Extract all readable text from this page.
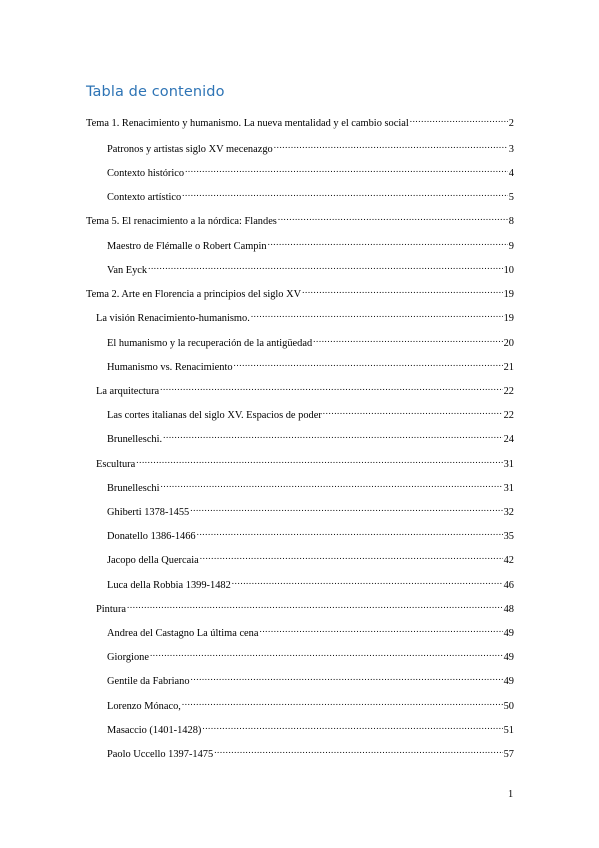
Tabla de contenido
Tema 1. Renacimiento y humanismo. La nueva mentalidad y el cambio social .....	2
Patronos y artistas siglo XV mecenazgo .....	3
Contexto histórico .....	4
Contexto artístico .....	5
Tema 5. El renacimiento a la nórdica: Flandes .....	8
Maestro de Flémalle o Robert Campin .....	9
Van Eyck .....	10
Tema 2. Arte en Florencia a principios del siglo XV .....	19
La visión Renacimiento-humanismo. .....	19
El humanismo y la recuperación de la antigüedad .....	20
Humanismo vs. Renacimiento .....	21
La arquitectura .....	22
Las cortes italianas del siglo XV. Espacios de poder .....	22
Brunelleschi. .....	24
Escultura .....	31
Brunelleschi .....	31
Ghiberti 1378-1455 .....	32
Donatello 1386-1466 .....	35
Jacopo della Quercaia .....	42
Luca della Robbia 1399-1482 .....	46
Pintura .....	48
Andrea del Castagno La última cena .....	49
Giorgione .....	49
Gentile da Fabriano .....	49
Lorenzo Mónaco, .....	50
Masaccio (1401-1428) .....	51
Paolo Uccello 1397-1475 .....	57
1
